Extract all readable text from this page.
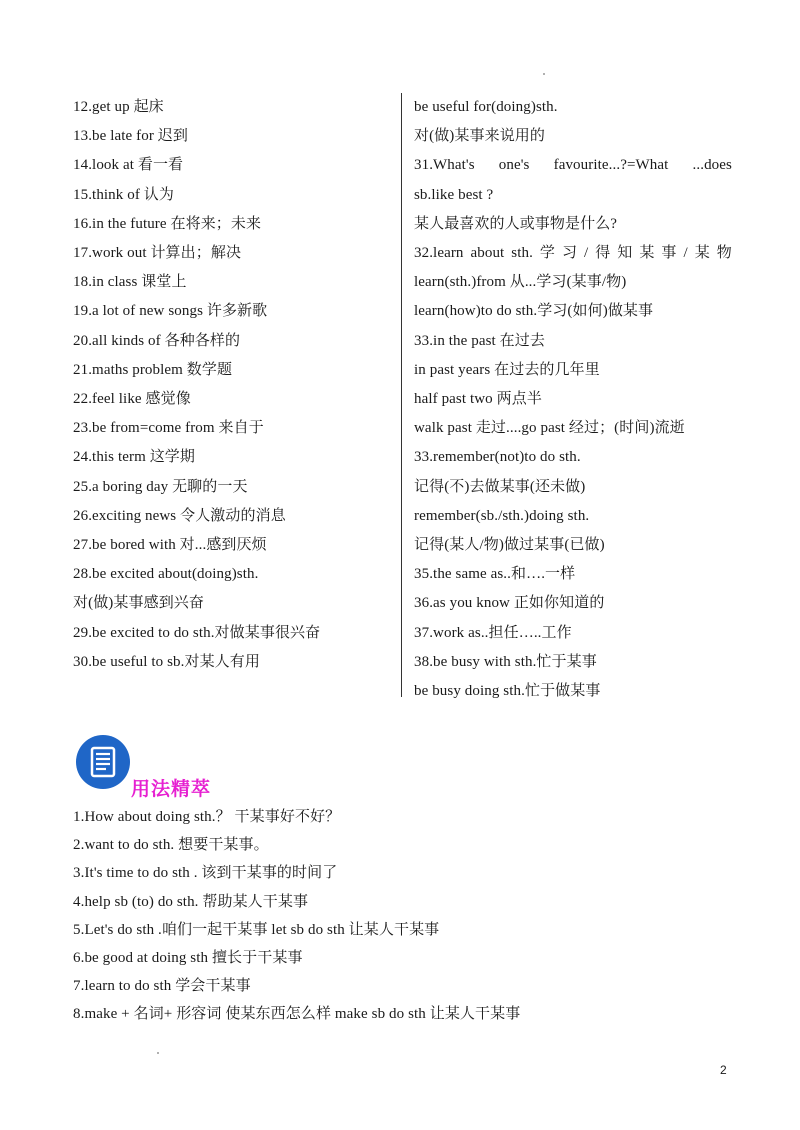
12.get up 起床
13.be late for 迟到
14.look at 看一看
15.think of 认为
16.in the future 在将来；未来
17.work out 计算出；解决
18.in class 课堂上
19.a lot of new songs 许多新歌
20.all kinds of 各种各样的
21.maths problem 数学题
22.feel like 感觉像
23.be from=come from 来自于
24.this term 这学期
25.a boring day 无聊的一天
26.exciting news 令人激动的消息
27.be bored with 对...感到厌烦
28.be excited about(doing)sth.
对(做)某事感到兴奋
29.be excited to do sth.对做某事很兴奋
30.be useful to sb.对某人有用
be useful for(doing)sth.
对(做)某事来说用的
31.What's one's favourite...?=What ...does
sb.like best ?
某人最喜欢的人或事物是什么?
32.learn about sth. 学 习 / 得 知 某 事 / 某 物
learn(sth.)from 从...学习(某事/物)
learn(how)to do sth.学习(如何)做某事
33.in the past 在过去
in past years 在过去的几年里
half past two 两点半
walk past 走过....go past 经过；(时间)流逝
33.remember(not)to do sth.
记得(不)去做某事(还未做)
remember(sb./sth.)doing sth.
记得(某人/物)做过某事(已做)
35.the same as..和….一样
36.as you know 正如你知道的
37.work as..担任…..工作
38.be busy with sth.忙于某事
be busy doing sth.忙于做某事
用法精萃
1.How about doing sth.？ 干某事好不好？
2.want to do sth. 想要干某事。
3.It's time to do sth . 该到干某事的时间了
4.help sb (to) do sth. 帮助某人干某事
5.Let's do sth .咱们一起干某事 let sb do sth 让某人干某事
6.be good at doing sth 擅长于干某事
7.learn to do sth 学会干某事
8.make + 名词+ 形容词 使某东西怎么样 make sb do sth 让某人干某事
2
